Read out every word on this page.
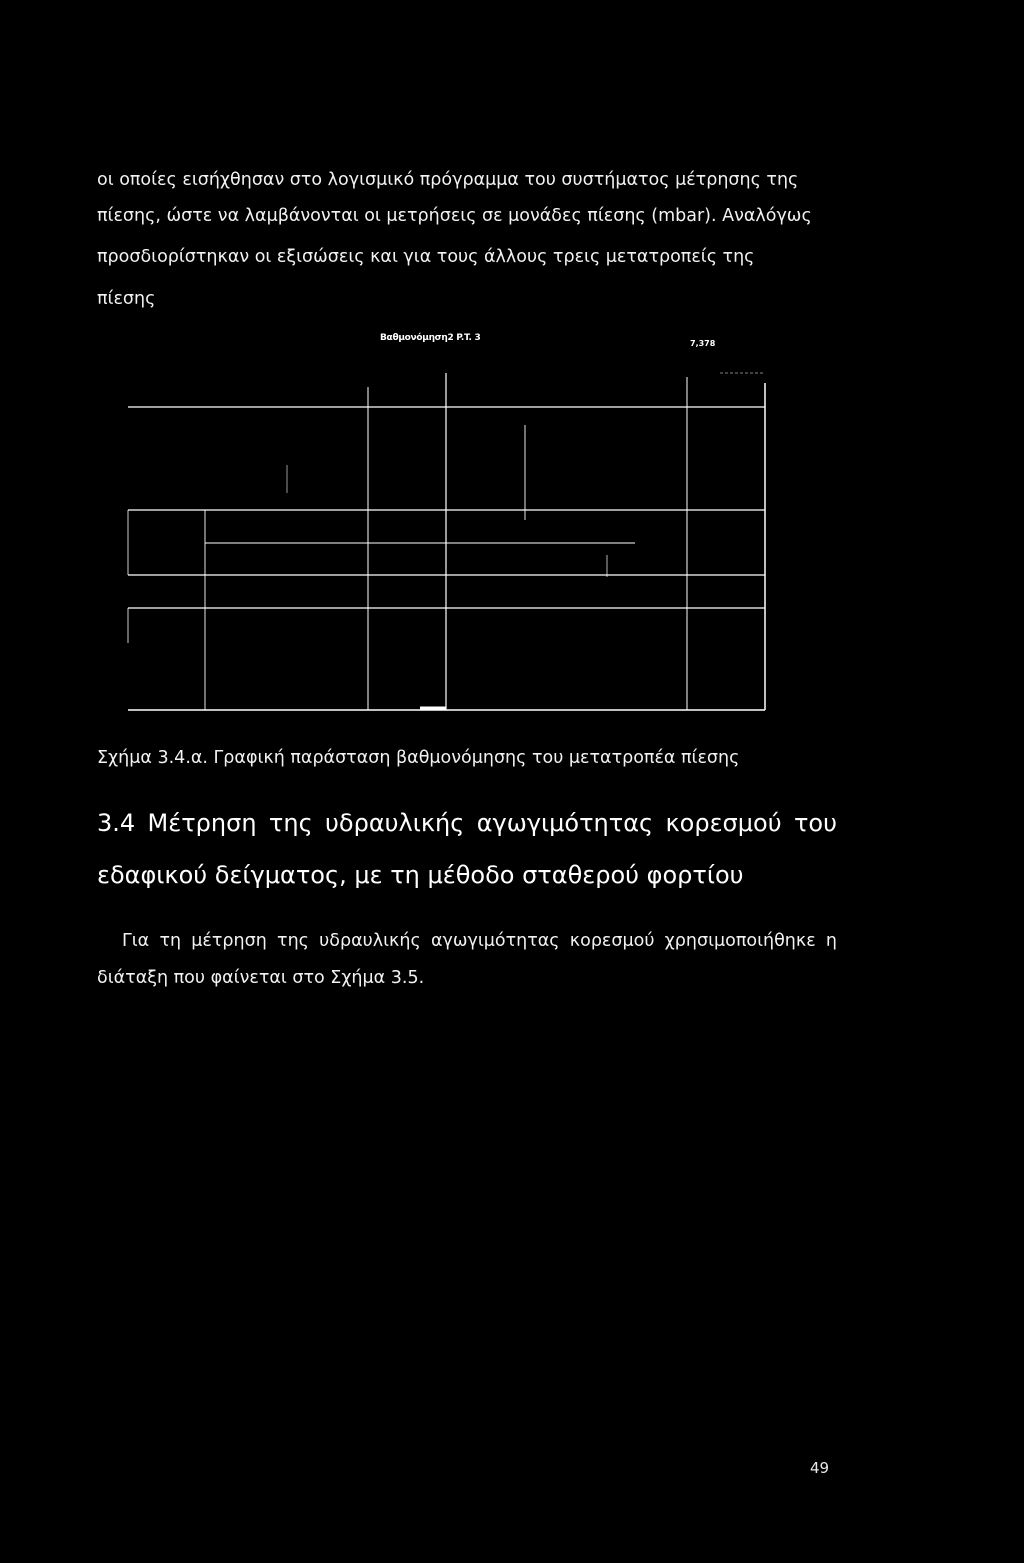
οι οποίες εισήχθησαν στο λογισμικό πρόγραμμα του συστήματος μέτρησης της
πίεσης, ώστε να λαμβάνονται οι μετρήσεις σε μονάδες πίεσης (mbar). Αναλόγως
προσδιορίστηκαν οι εξισώσεις και για τους άλλους τρεις μετατροπείς της
πίεσης
Βαθμονόμηση2 P.T. 3
7,378
Σχήμα 3.4.α. Γραφική παράσταση βαθμονόμησης του μετατροπέα πίεσης
3.4 Μέτρηση της υδραυλικής αγωγιμότητας κορεσμού του
εδαφικού δείγματος, με τη μέθοδο σταθερού φορτίου
Για τη μέτρηση της υδραυλικής αγωγιμότητας κορεσμού χρησιμοποιήθηκε η
διάταξη που φαίνεται στο Σχήμα 3.5.
49
